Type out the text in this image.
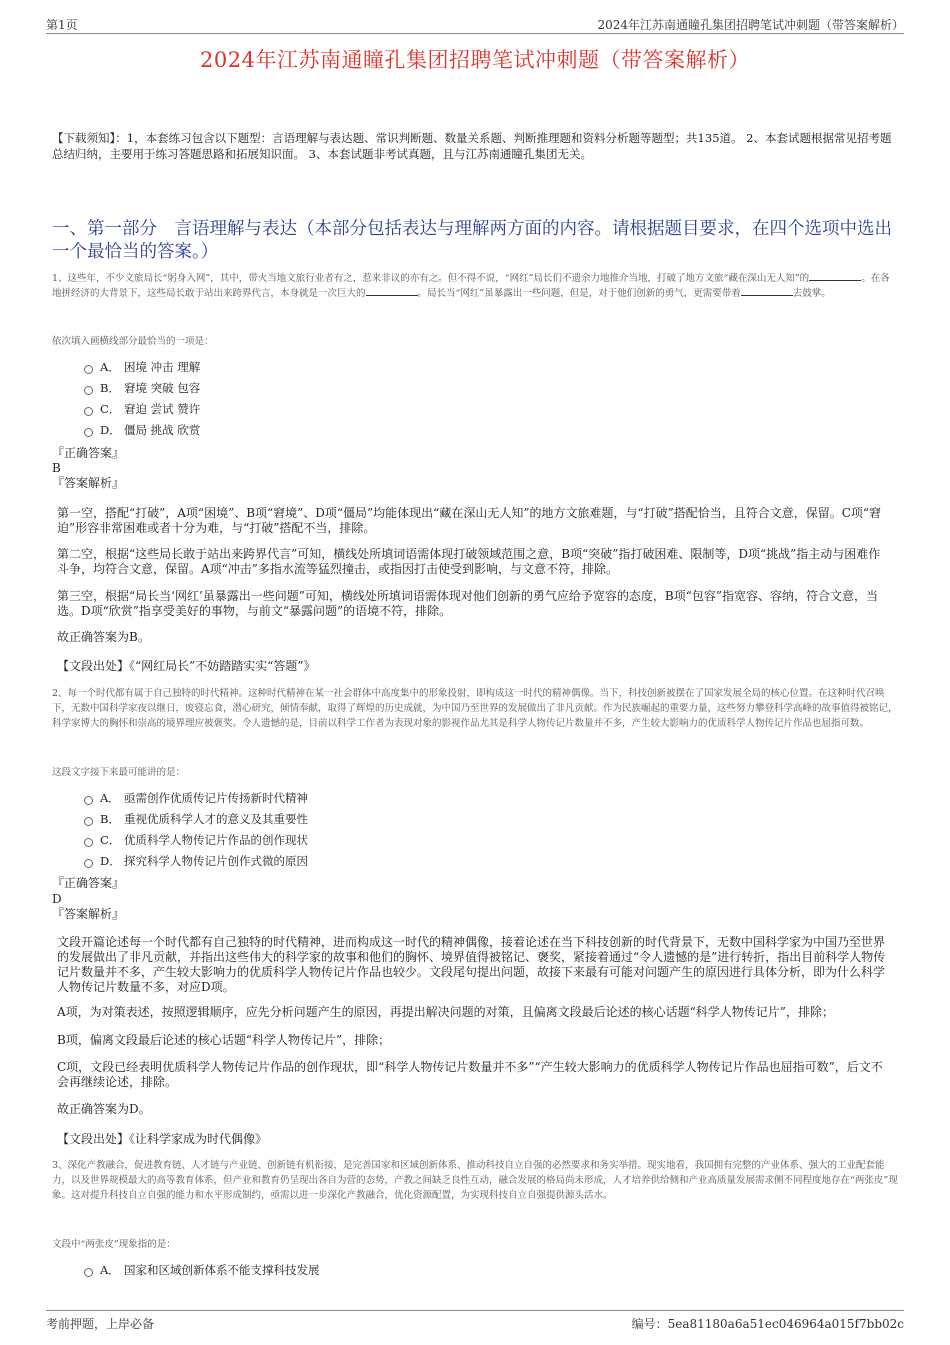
第1页	2024年江苏南通瞳孔集团招聘笔试冲刺题（带答案解析）
2024年江苏南通瞳孔集团招聘笔试冲刺题（带答案解析）
【下载须知】：1，本套练习包含以下题型：言语理解与表达题、常识判断题、数量关系题、判断推理题和资料分析题等题型；共135道。 2、本套试题根据常见招考题总结归纳，主要用于练习答题思路和拓展知识面。 3、本套试题非考试真题，且与江苏南通瞳孔集团无关。
一、第一部分　言语理解与表达（本部分包括表达与理解两方面的内容。请根据题目要求，在四个选项中选出一个最恰当的答案。）
1、这些年，不少文旅局长“躬身入网”，其中，带火当地文旅行业者有之，惹来非议的亦有之。但不得不说，“网红”局长们不遗余力地推介当地，打破了地方文旅“藏在深山无人知”的	。在各地拼经济的大背景下，这些局长敢于站出来跨界代言，本身就是一次巨大的	。局长当“网红”虽暴露出一些问题，但是，对于他们创新的勇气，更需要带着	去鼓掌。
依次填入画横线部分最恰当的一项是：
A． 困境 冲击 理解
B． 窘境 突破 包容
C． 窘迫 尝试 赞许
D． 僵局 挑战 欣赏
『正确答案』
B
『答案解析』
第一空，搭配“打破”，A项“困境”、B项“窘境”、D项“僵局”均能体现出“藏在深山无人知”的地方文旅难题，与“打破”搭配恰当，且符合文意，保留。C项“窘迫”形容非常困难或者十分为难，与“打破”搭配不当，排除。
第二空，根据“这些局长敢于站出来跨界代言”可知，横线处所填词语需体现打破领域范围之意，B项“突破”指打破困难、限制等，D项“挑战”指主动与困难作斗争，均符合文意，保留。A项“冲击”多指水流等猛烈撞击，或指因打击使受到影响，与文意不符，排除。
第三空，根据“局长当‘网红’虽暴露出一些问题”可知，横线处所填词语需体现对他们创新的勇气应给予宽容的态度，B项“包容”指宽容、容纳，符合文意，当选。D项“欣赏”指享受美好的事物，与前文“暴露问题”的语境不符，排除。
故正确答案为B。
【文段出处】《“网红局长”不妨踏踏实实“答题”》
2、每一个时代都有属于自己独特的时代精神。这种时代精神在某一社会群体中高度集中的形象投射，即构成这一时代的精神偶像。当下，科技创新被摆在了国家发展全局的核心位置。在这种时代召唤下，无数中国科学家夜以继日，废寝忘食，潜心研究，倾情奉献，取得了辉煌的历史成就，为中国乃至世界的发展做出了非凡贡献。作为民族崛起的重要力量，这些努力攀登科学高峰的故事值得被铭记，科学家博大的胸怀和崇高的境界理应被褒奖。令人遗憾的是，目前以科学工作者为表现对象的影视作品尤其是科学人物传记片数量并不多，产生较大影响力的优质科学人物传记片作品也屈指可数。
这段文字接下来最可能讲的是：
A． 亟需创作优质传记片传扬新时代精神
B． 重视优质科学人才的意义及其重要性
C． 优质科学人物传记片作品的创作现状
D． 探究科学人物传记片创作式微的原因
『正确答案』
D
『答案解析』
文段开篇论述每一个时代都有自己独特的时代精神，进而构成这一时代的精神偶像，接着论述在当下科技创新的时代背景下，无数中国科学家为中国乃至世界的发展做出了非凡贡献，并指出这些伟大的科学家的故事和他们的胸怀、境界值得被铭记、褒奖，紧接着通过“令人遗憾的是”进行转折，指出目前科学人物传记片数量并不多，产生较大影响力的优质科学人物传记片作品也较少。文段尾句提出问题，故接下来最有可能对问题产生的原因进行具体分析，即为什么科学人物传记片数量不多，对应D项。
A项，为对策表述，按照逻辑顺序，应先分析问题产生的原因，再提出解决问题的对策，且偏离文段最后论述的核心话题“科学人物传记片”，排除；
B项，偏离文段最后论述的核心话题“科学人物传记片”，排除；
C项，文段已经表明优质科学人物传记片作品的创作现状，即“科学人物传记片数量并不多”“产生较大影响力的优质科学人物传记片作品也屈指可数”，后文不会再继续论述，排除。
故正确答案为D。
【文段出处】《让科学家成为时代偶像》
3、深化产教融合，促进教育链、人才链与产业链、创新链有机衔接，是完善国家和区域创新体系、推动科技自立自强的必然要求和务实举措。现实地看，我国拥有完整的产业体系、强大的工业配套能力，以及世界规模最大的高等教育体系，但产业和教育仍呈现出各自为营的态势，产教之间缺乏良性互动，融合发展的格局尚未形成，人才培养供给侧和产业高质量发展需求侧不同程度地存在“两张皮”现象。这对提升科技自立自强的能力和水平形成制约，亟需以进一步深化产教融合，优化资源配置，为实现科技自立自强提供源头活水。
文段中“两张皮”现象指的是：
A． 国家和区域创新体系不能支撑科技发展
考前押题，上岸必备	编号：5ea81180a6a51ec046964a015f7bb02c
